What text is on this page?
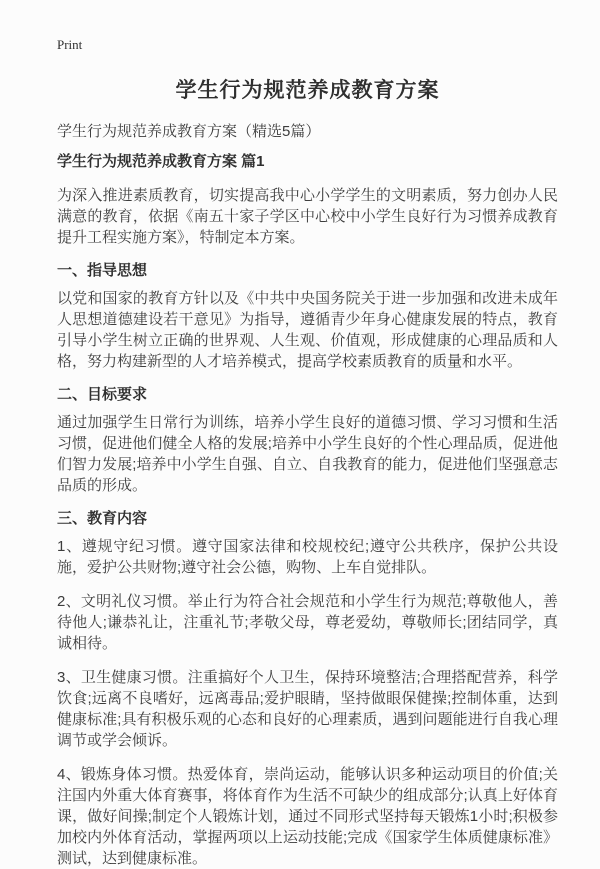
Print
学生行为规范养成教育方案
学生行为规范养成教育方案（精选5篇）
学生行为规范养成教育方案 篇1

为深入推进素质教育，切实提高我中心小学学生的文明素质，努力创办人民满意的教育，依据《南五十家子学区中心校中小学生良好行为习惯养成教育提升工程实施方案》，特制定本方案。

一、指导思想

以党和国家的教育方针以及《中共中央国务院关于进一步加强和改进未成年人思想道德建设若干意见》为指导，遵循青少年身心健康发展的特点，教育引导小学生树立正确的世界观、人生观、价值观，形成健康的心理品质和人格，努力构建新型的人才培养模式，提高学校素质教育的质量和水平。

二、目标要求

通过加强学生日常行为训练，培养小学生良好的道德习惯、学习习惯和生活习惯，促进他们健全人格的发展;培养中小学生良好的个性心理品质，促进他们智力发展;培养中小学生自强、自立、自我教育的能力，促进他们坚强意志品质的形成。

三、教育内容

1、遵规守纪习惯。遵守国家法律和校规校纪;遵守公共秩序，保护公共设施，爱护公共财物;遵守社会公德，购物、上车自觉排队。

2、文明礼仪习惯。举止行为符合社会规范和小学生行为规范;尊敬他人，善待他人;谦恭礼让，注重礼节;孝敬父母，尊老爱幼，尊敬师长;团结同学，真诚相待。

3、卫生健康习惯。注重搞好个人卫生，保持环境整洁;合理搭配营养，科学饮食;远离不良嗜好，远离毒品;爱护眼睛，坚持做眼保健操;控制体重，达到健康标准;具有积极乐观的心态和良好的心理素质，遇到问题能进行自我心理调节或学会倾诉。

4、锻炼身体习惯。热爱体育，崇尚运动，能够认识多种运动项目的价值;关注国内外重大体育赛事，将体育作为生活不可缺少的组成部分;认真上好体育课，做好间操;制定个人锻炼计划，通过不同形式坚持每天锻炼1小时;积极参加校内外体育活动，掌握两项以上运动技能;完成《国家学生体质健康标准》测试，达到健康标准。
